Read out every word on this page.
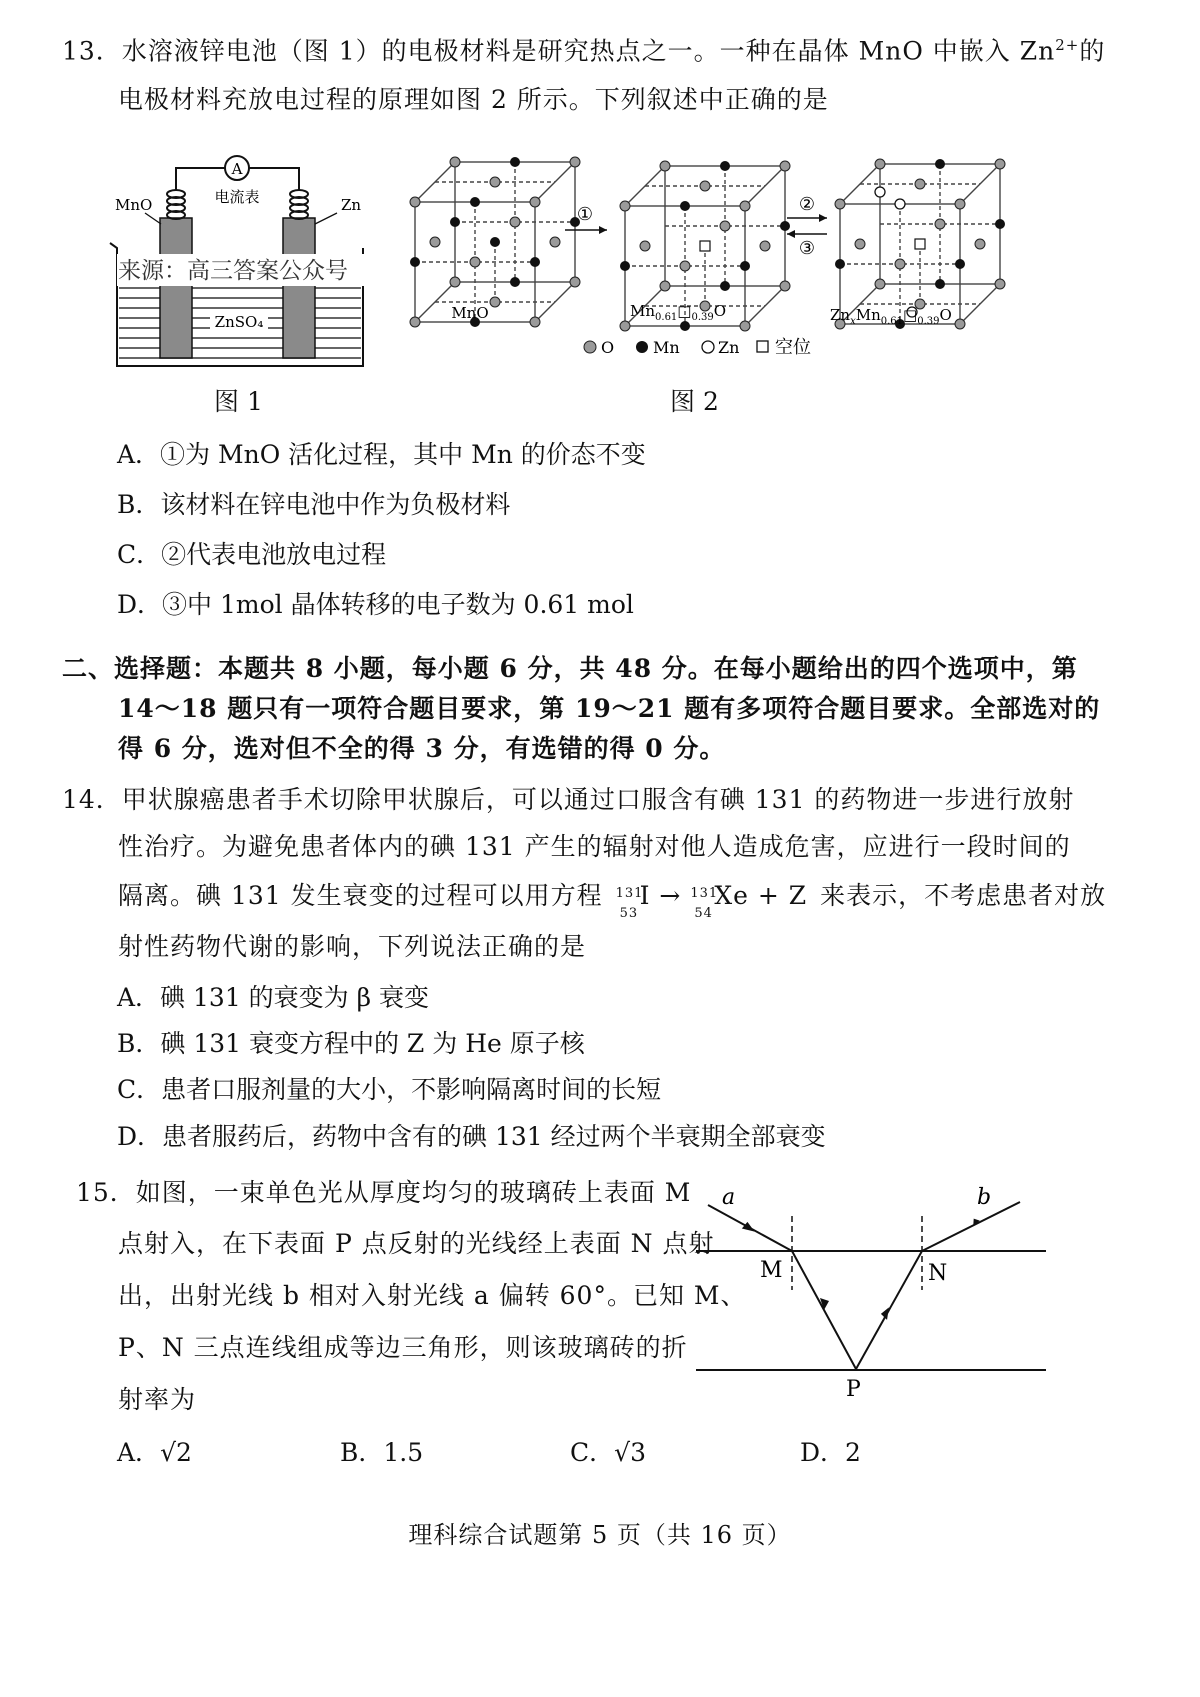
13．水溶液锌电池（图 1）的电极材料是研究热点之一。一种在晶体 MnO 中嵌入 $Zn^{2+}$的
电极材料充放电过程的原理如图 2 所示。下列叙述中正确的是
A
电流表
MnO	Zn
来源：高三答案公众号
ZnSO₄
图 1
①	②
③
MnO	$Mn_{0.61}□_{0.39}O$	$Zn_xMn_{0.61}□_{0.39}O$
O Mn Zn 空位
图 2
A．①为 MnO 活化过程，其中 Mn 的价态不变
B．该材料在锌电池中作为负极材料
C．②代表电池放电过程
D．③中 1mol 晶体转移的电子数为 0.61 mol
二、选择题：本题共 8 小题，每小题 6 分，共 48 分。在每小题给出的四个选项中，第
14～18 题只有一项符合题目要求，第 19～21 题有多项符合题目要求。全部选对的
得 6 分，选对但不全的得 3 分，有选错的得 0 分。
14．甲状腺癌患者手术切除甲状腺后，可以通过口服含有碘 131 的药物进一步进行放射
性治疗。为避免患者体内的碘 131 产生的辐射对他人造成危害，应进行一段时间的
隔离。碘 131 发生衰变的过程可以用方程 131
53
I → 131
54
Xe + Z 来表示，不考虑患者对放
射性药物代谢的影响，下列说法正确的是
A．碘 131 的衰变为 β 衰变
B．碘 131 衰变方程中的 Z 为 He 原子核
C．患者口服剂量的大小，不影响隔离时间的长短
D．患者服药后，药物中含有的碘 131 经过两个半衰期全部衰变
15．如图，一束单色光从厚度均匀的玻璃砖上表面 M
点射入，在下表面 P 点反射的光线经上表面 N 点射
出，出射光线 b 相对入射光线 a 偏转 60°。已知 M、
P、N 三点连线组成等边三角形，则该玻璃砖的折
射率为
a	b
M	N
P
A．√2	B．1.5	C．√3	D．2
理科综合试题第 5 页（共 16 页）
